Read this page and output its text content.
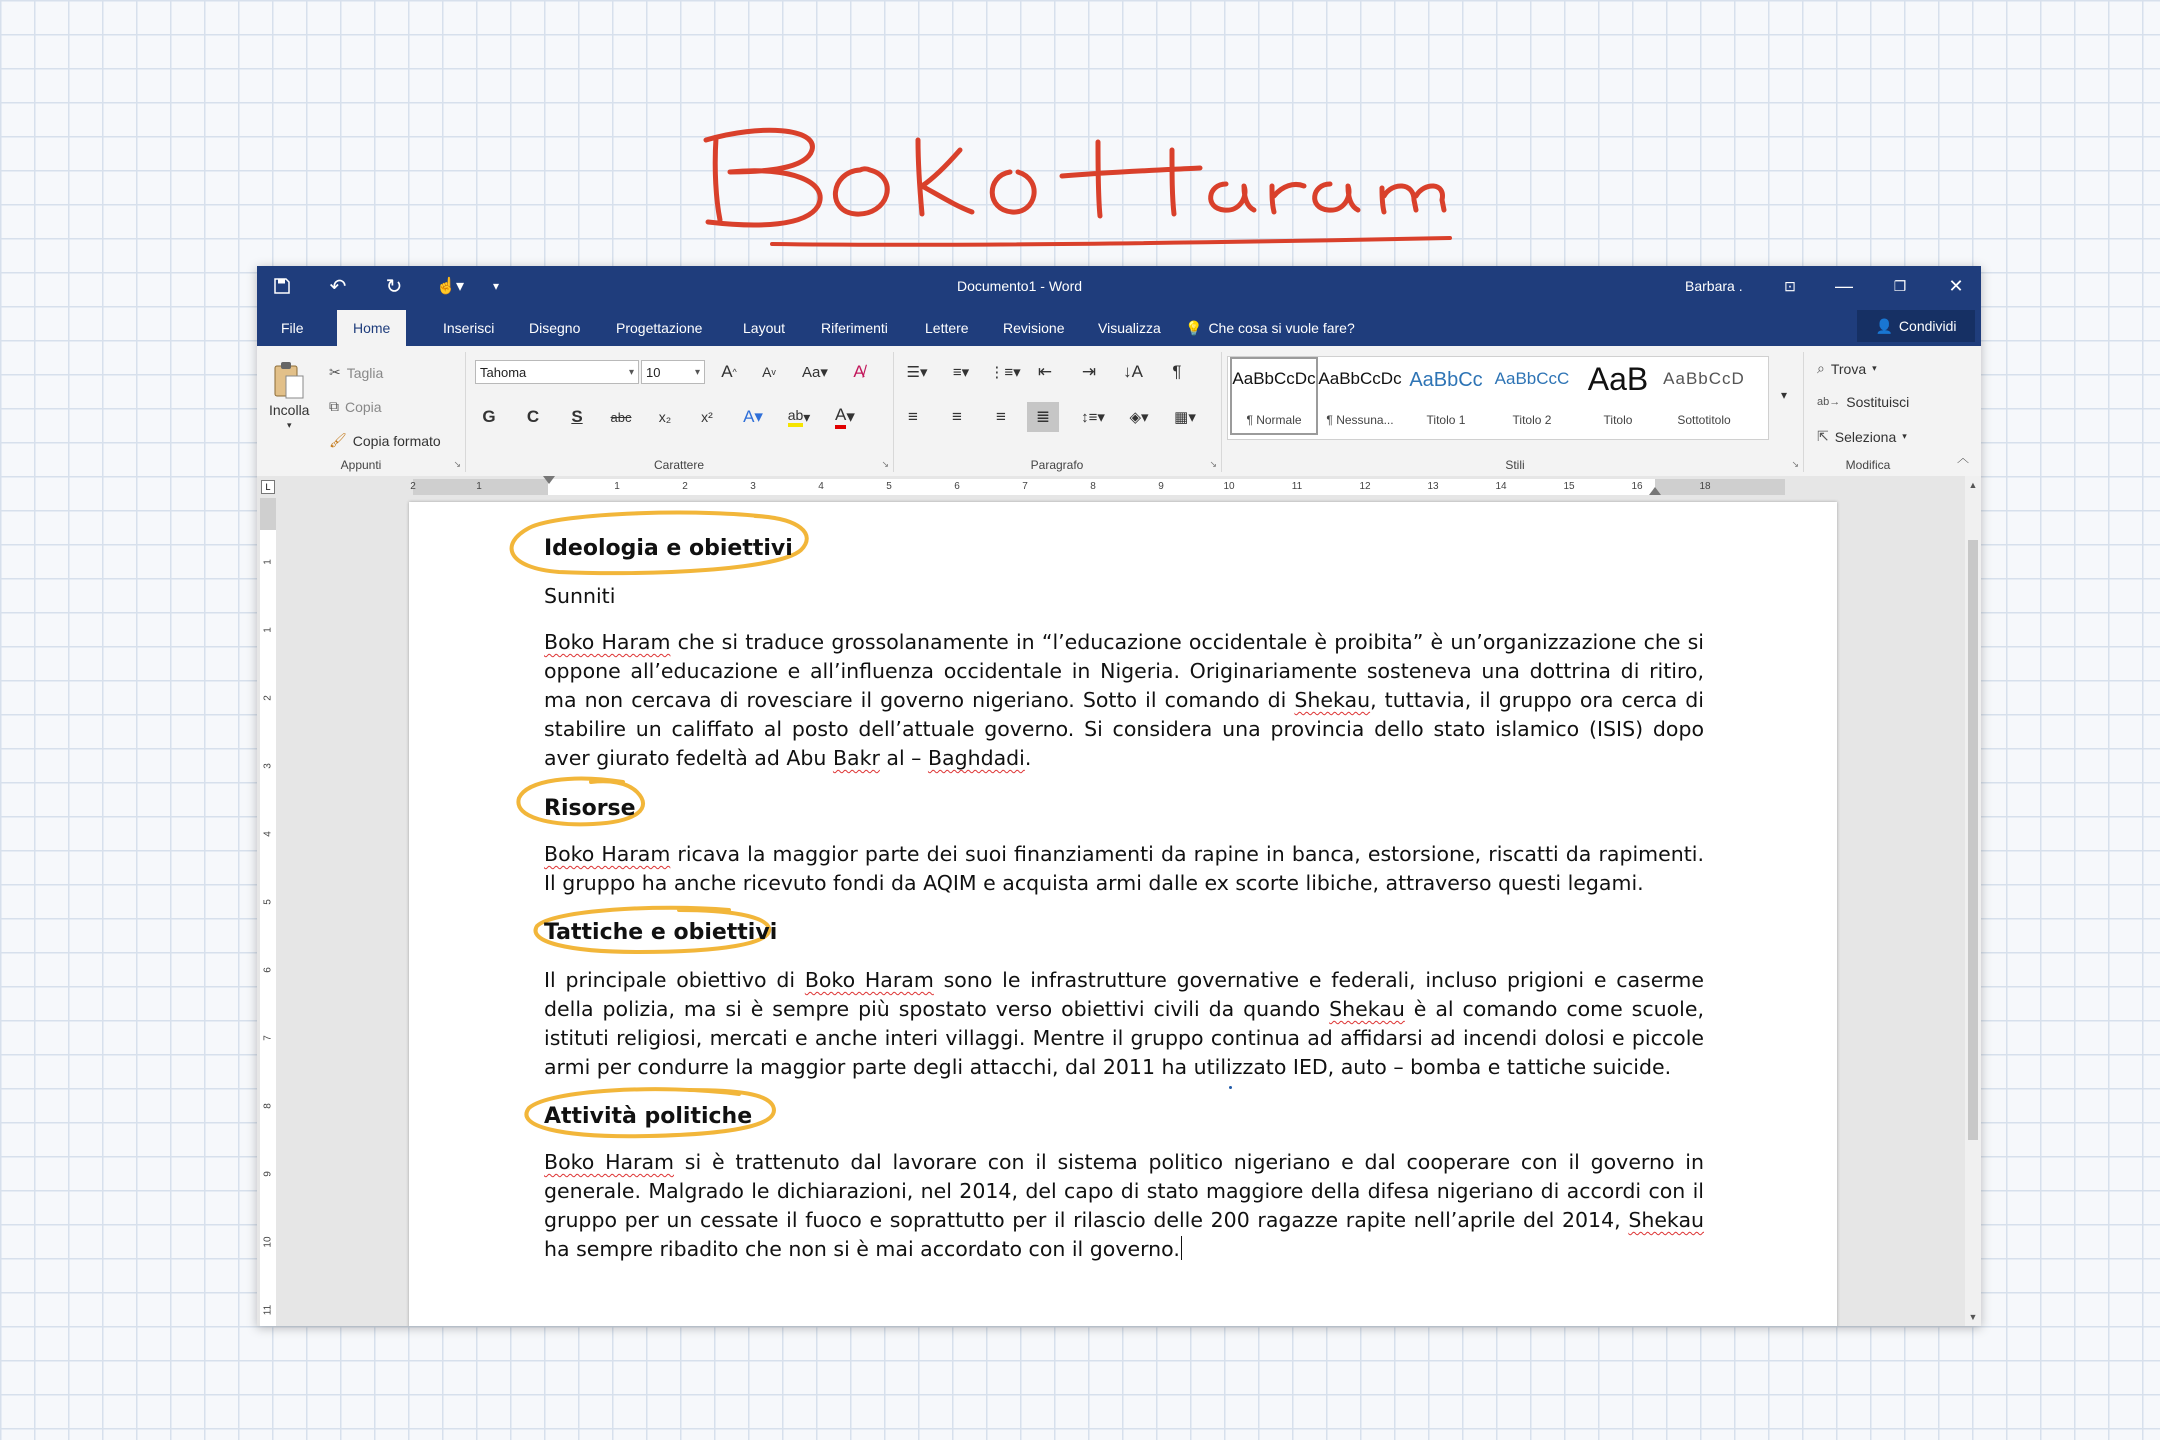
Boko Haram
↶	↻	☝▾	▾	Documento1 - Word	Barbara .	⊡	—	❐	✕
File	Home	Inserisci	Disegno	Progettazione	Layout	Riferimenti	Lettere	Revisione	Visualizza	💡 Che cosa si vuole fare?	👤 Condividi
Incolla
▾
✂ Taglia
⧉ Copia
🖌 Copia formato
Appunti	↘
Tahoma	▾ 10	▾	A ^	A v Aa ▾	A̸
G	C	S	abc	x₂	x²	A▾	ab ▾ A ▾
Carattere	↘
☰▾	≡▾	⋮≡▾	⇤	⇥	↓A	¶
≡	≡	≡	≣	↕≡▾	◈▾	▦▾
Paragrafo	↘
AaBbCcDc
¶ Normale
AaBbCcDc
¶ Nessuna...
AaBbCc
Titolo 1
AaBbCcC
Titolo 2
AaB
Titolo
AaBbCcD
Sottotitolo
▾
Stili	↘
⌕ Trova ▾
ab→ Sostituisci
⇱ Seleziona ▾
Modifica
︿
L	2	1	1	2	3	4	5	6	7	8	9	10	11	12	13	14	15	16	18
1
1
2
3
4
5
6
7
8
9
10
11
▲
▼
Ideologia e obiettivi
Sunniti
Boko Haram che si traduce grossolanamente in “l’educazione occidentale è proibita” è un’organizzazione che si oppone all’educazione e all’influenza occidentale in Nigeria. Originariamente sosteneva una dottrina di ritiro, ma non cercava di rovesciare il governo nigeriano. Sotto il comando di Shekau, tuttavia, il gruppo ora cerca di stabilire un califfato al posto dell’attuale governo. Si considera una provincia dello stato islamico (ISIS) dopo aver giurato fedeltà ad Abu Bakr al – Baghdadi.
Risorse
Boko Haram ricava la maggior parte dei suoi finanziamenti da rapine in banca, estorsione, riscatti da rapimenti. Il gruppo ha anche ricevuto fondi da AQIM e acquista armi dalle ex scorte libiche, attraverso questi legami.
Tattiche e obiettivi
Il principale obiettivo di Boko Haram sono le infrastrutture governative e federali, incluso prigioni e caserme della polizia, ma si è sempre più spostato verso obiettivi civili da quando Shekau è al comando come scuole, istituti religiosi, mercati e anche interi villaggi. Mentre il gruppo continua ad affidarsi ad incendi dolosi e piccole armi per condurre la maggior parte degli attacchi, dal 2011 ha utilizzato IED, auto – bomba e tattiche suicide.
Attività politiche
Boko Haram si è trattenuto dal lavorare con il sistema politico nigeriano e dal cooperare con il governo in generale. Malgrado le dichiarazioni, nel 2014, del capo di stato maggiore della difesa nigeriano di accordi con il gruppo per un cessate il fuoco e soprattutto per il rilascio delle 200 ragazze rapite nell’aprile del 2014, Shekau ha sempre ribadito che non si è mai accordato con il governo.
